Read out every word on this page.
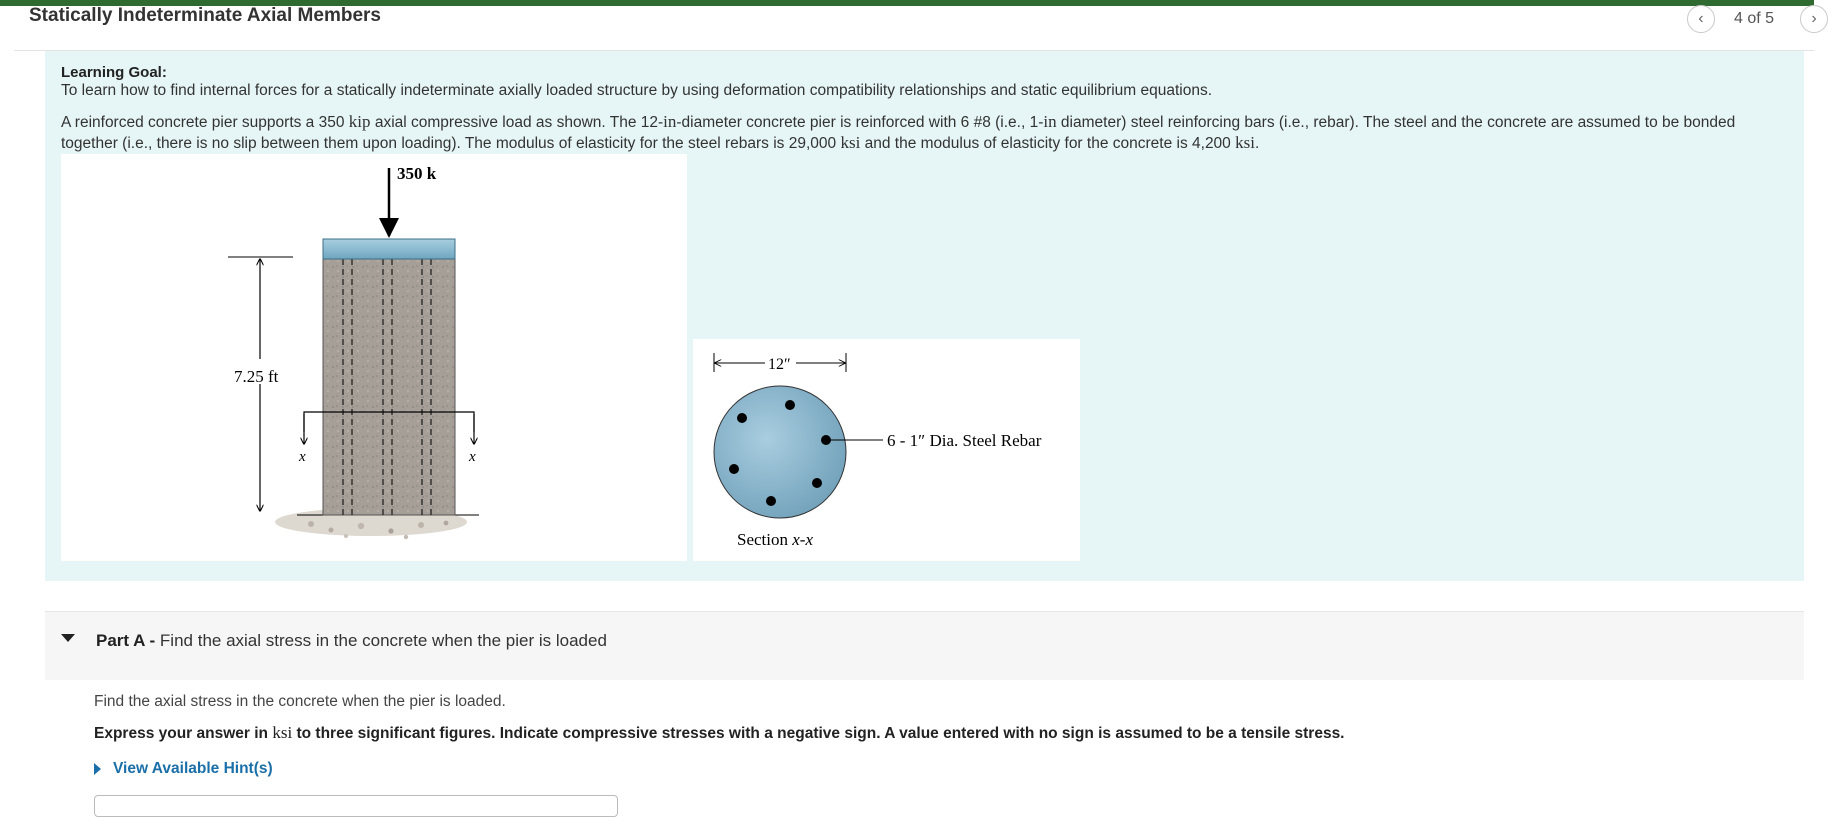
Statically Indeterminate Axial Members	‹ 4 of 5 ›
Learning Goal:
To learn how to find internal forces for a statically indeterminate axially loaded structure by using deformation compatibility relationships and static equilibrium equations.
A reinforced concrete pier supports a 350 kip axial compressive load as shown. The 12-in-diameter concrete pier is reinforced with 6 #8 (i.e., 1-in diameter) steel reinforcing bars (i.e., rebar). The steel and the concrete are assumed to be bonded together (i.e., there is no slip between them upon loading). The modulus of elasticity for the steel rebars is 29,000 ksi and the modulus of elasticity for the concrete is 4,200 ksi.
350 k
7.25 ft
x	x
12″
6 - 1″ Dia. Steel Rebar
Section x-x
Part A - Find the axial stress in the concrete when the pier is loaded
Find the axial stress in the concrete when the pier is loaded.
Express your answer in ksi to three significant figures. Indicate compressive stresses with a negative sign. A value entered with no sign is assumed to be a tensile stress.
View Available Hint(s)
